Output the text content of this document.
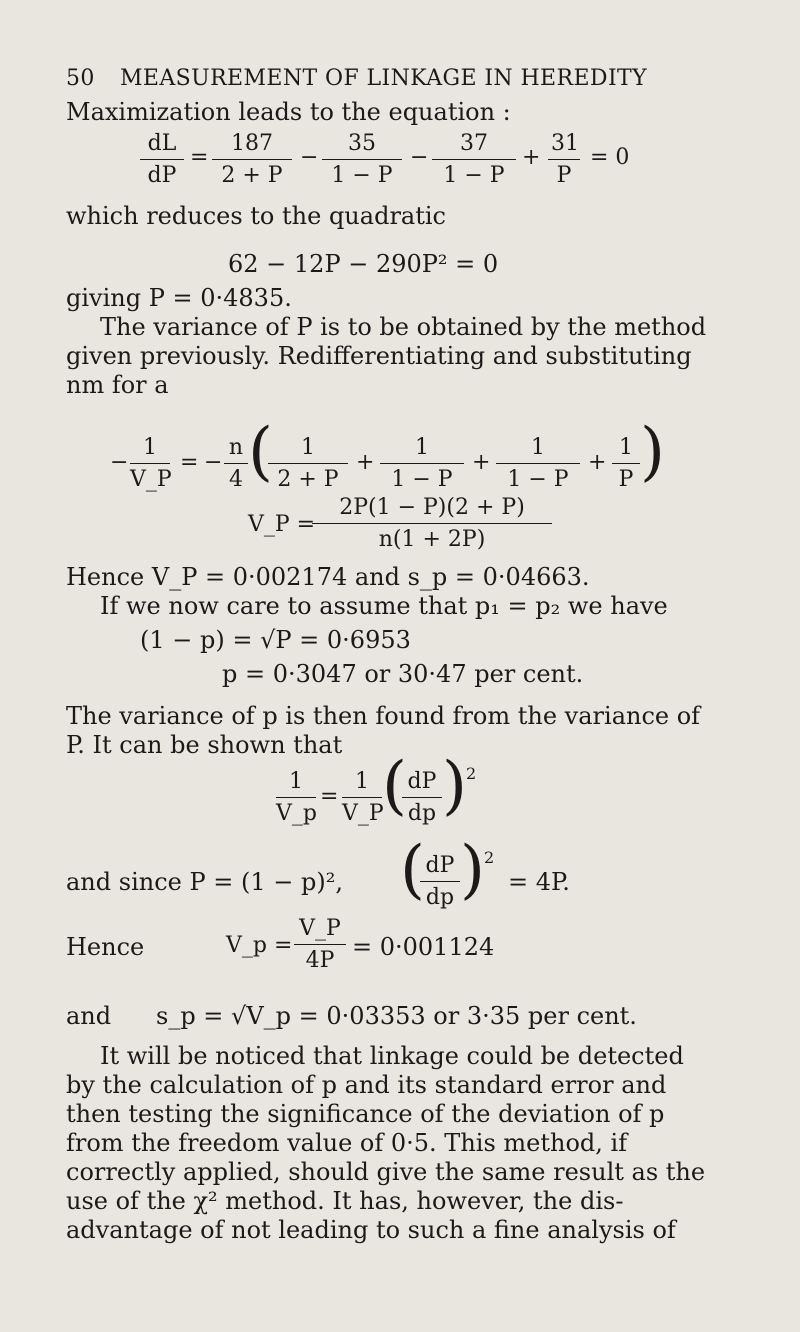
50 MEASUREMENT OF LINKAGE IN HEREDITY
Maximization leads to the equation :
$\frac{dL}{dP} = \frac{187}{2 + P} - \frac{35}{1 - P} - \frac{37}{1 - P} + \frac{31}{P} = 0$
which reduces to the quadratic
62 − 12P − 290P² = 0
giving P = 0·4835.
The variance of P is to be obtained by the method
given previously. Redifferentiating and substituting
nm for a
− $\frac{1}{V\_P}$ = − $\frac{n}{4}$ (
$\frac{1}{2 + P} + \frac{1}{1 - P} + \frac{1}{1 - P} + \frac{1}{P}$ )
V_P =
$\frac{2P(1 - P)(2 + P)}{n(1 + 2P)}$
Hence V_P = 0·002174 and s_p = 0·04663.
If we now care to assume that p₁ = p₂ we have
(1 − p) = √P = 0·6953
p = 0·3047 or 30·47 per cent.
The variance of p is then found from the variance of
P. It can be shown that
$\frac{1}{V\_p} = \frac{1}{V\_P}$ (
$\frac{dP}{dp}$ ) 2
and since P = (1 − p)², (
$\frac{dP}{dp}$ ) 2
= 4P.
Hence	V_p = $\frac{V\_P}{4P} = 0\cdot 001124$
and s_p = √V_p = 0·03353 or 3·35 per cent.
It will be noticed that linkage could be detected
by the calculation of p and its standard error and
then testing the significance of the deviation of p
from the freedom value of 0·5. This method, if
correctly applied, should give the same result as the
use of the χ² method. It has, however, the dis-
advantage of not leading to such a fine analysis of
